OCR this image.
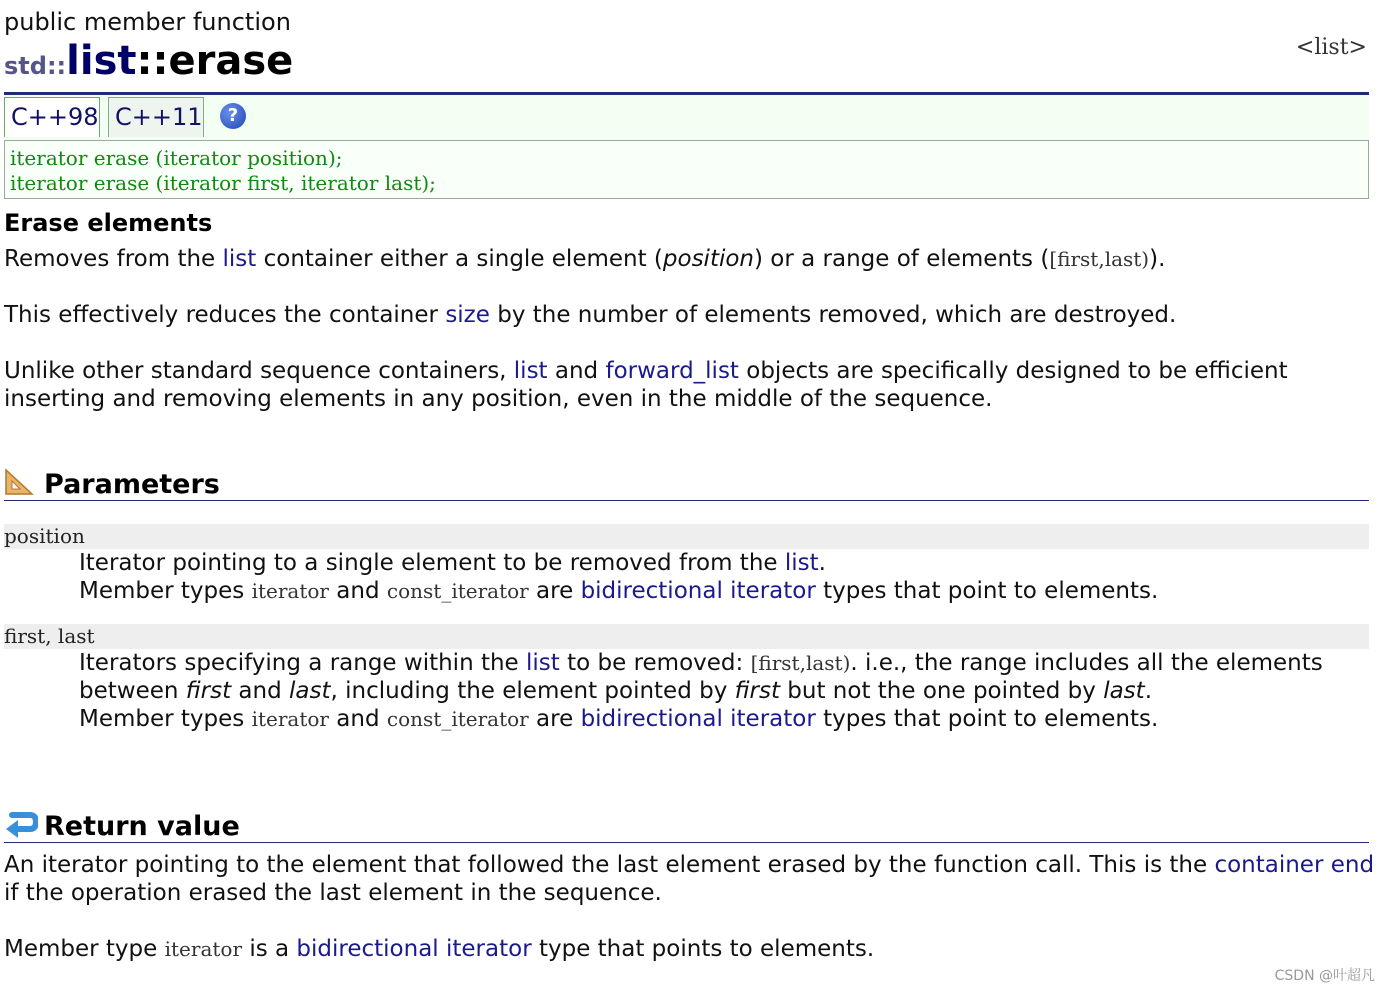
public member function
std::list::erase	<list>
C++98 C++11	?
iterator erase (iterator position);
iterator erase (iterator first, iterator last);
Erase elements
Removes from the list container either a single element (position) or a range of elements ([first,last)).
This effectively reduces the container size by the number of elements removed, which are destroyed.
Unlike other standard sequence containers, list and forward_list objects are specifically designed to be efficient
inserting and removing elements in any position, even in the middle of the sequence.
Parameters
position
Iterator pointing to a single element to be removed from the list.
Member types iterator and const_iterator are bidirectional iterator types that point to elements.
first, last
Iterators specifying a range within the list to be removed: [first,last). i.e., the range includes all the elements
between first and last, including the element pointed by first but not the one pointed by last.
Member types iterator and const_iterator are bidirectional iterator types that point to elements.
Return value
An iterator pointing to the element that followed the last element erased by the function call. This is the container end
if the operation erased the last element in the sequence.
Member type iterator is a bidirectional iterator type that points to elements.
CSDN @叶超凡
